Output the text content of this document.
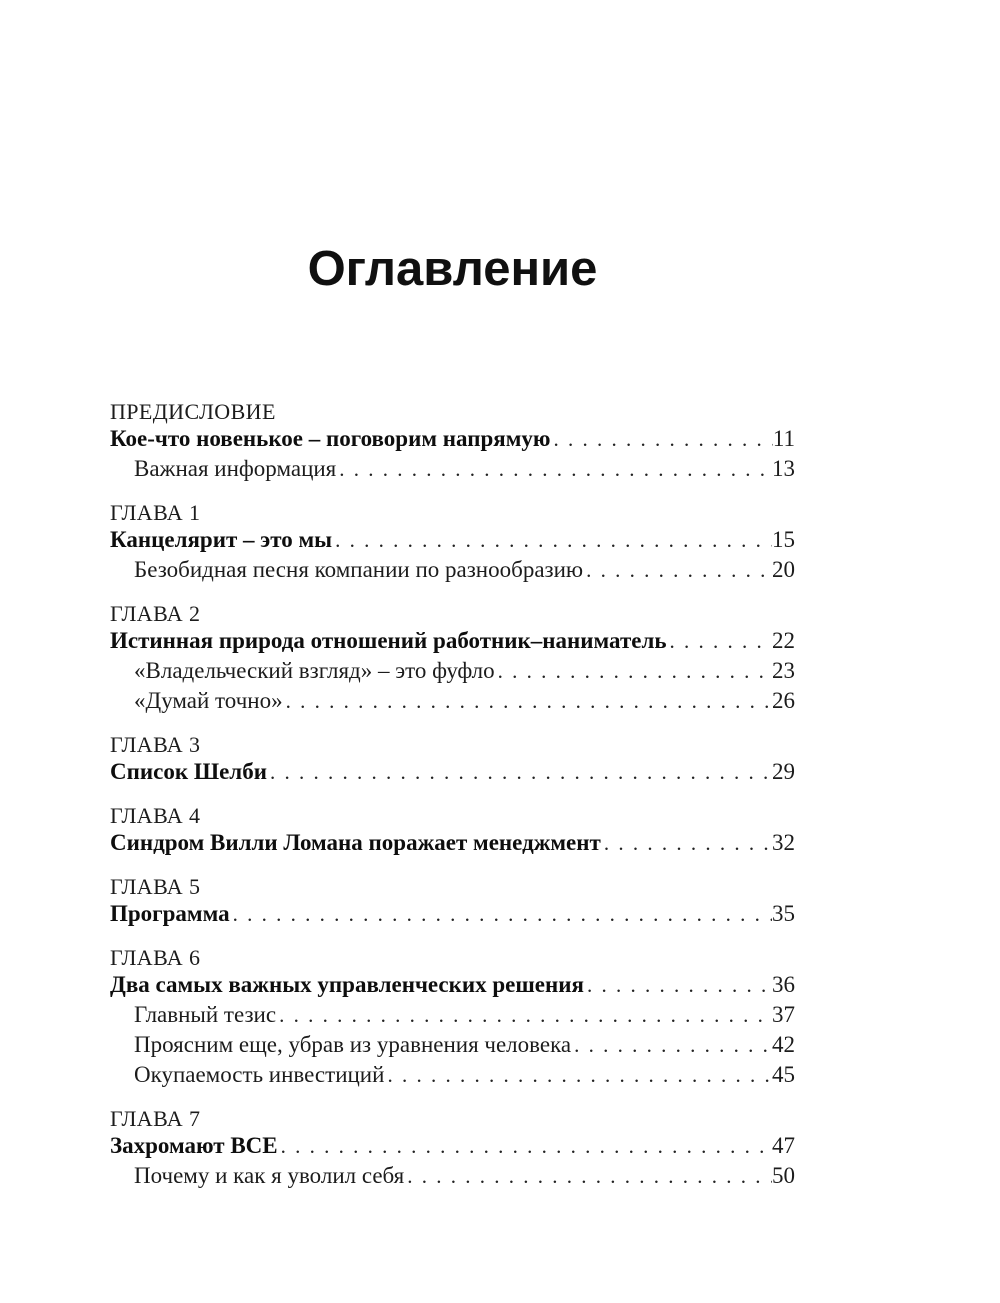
Оглавление
ПРЕДИСЛОВИЕ
Кое-что новенькое – поговорим напрямую . . .	11
Важная информация . . .	13
ГЛАВА 1
Канцелярит – это мы . . .	15
Безобидная песня компании по разнообразию . . .	20
ГЛАВА 2
Истинная природа отношений работник–наниматель . . .	22
«Владельческий взгляд» – это фуфло . . .	23
«Думай точно» . . .	26
ГЛАВА 3
Список Шелби . . .	29
ГЛАВА 4
Синдром Вилли Ломана поражает менеджмент . . .	32
ГЛАВА 5
Программа . . .	35
ГЛАВА 6
Два самых важных управленческих решения . . .	36
Главный тезис . . .	37
Проясним еще, убрав из уравнения человека . . .	42
Окупаемость инвестиций . . .	45
ГЛАВА 7
Захромают ВСЕ . . .	47
Почему и как я уволил себя . . .	50
